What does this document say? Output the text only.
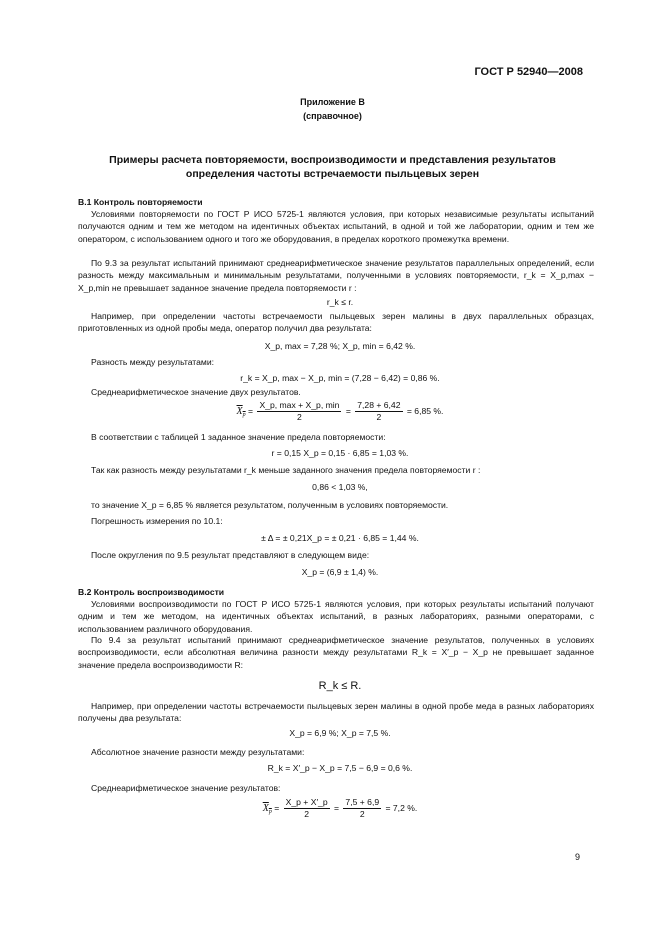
ГОСТ Р 52940—2008
Приложение В
(справочное)
Примеры расчета повторяемости, воспроизводимости и представления результатов
определения частоты встречаемости пыльцевых зерен
В.1 Контроль повторяемости
Условиями повторяемости по ГОСТ Р ИСО 5725-1 являются условия, при которых независимые результаты испытаний получаются одним и тем же методом на идентичных объектах испытаний, в одной и той же лаборатории, одним и тем же оператором, с использованием одного и того же оборудования, в пределах короткого промежутка времени.
По 9.3 за результат испытаний принимают среднеарифметическое значение результатов параллельных определений, если разность между максимальным и минимальным результатами, полученными в условиях повторяемости, r_k = X_p,max − X_p,min не превышает заданное значение предела повторяемости r :
r_k ≤ r.
Например, при определении частоты встречаемости пыльцевых зерен малины в двух параллельных образцах, приготовленных из одной пробы меда, оператор получил два результата:
X_p, max = 7,28 %; X_p, min = 6,42 %.
Разность между результатами:
r_k = X_p, max − X_p, min = (7,28 − 6,42) = 0,86 %.
Среднеарифметическое значение двух результатов.
$X_p = \frac{X\_p, \max + X\_p, \min}{2} = \frac{7,28 + 6,42}{2} = 6,85$ %.
В соответствии с таблицей 1 заданное значение предела повторяемости:
r = 0,15 X_p = 0,15 · 6,85 = 1,03 %.
Так как разность между результатами r_k меньше заданного значения предела повторяемости r :
0,86 < 1,03 %,
то значение X_p = 6,85 % является результатом, полученным в условиях повторяемости.
Погрешность измерения по 10.1:
± Δ = ± 0,21X_p = ± 0,21 · 6,85 = 1,44 %.
После округления по 9.5 результат представляют в следующем виде:
X_p = (6,9 ± 1,4) %.
В.2 Контроль воспроизводимости
Условиями воспроизводимости по ГОСТ Р ИСО 5725-1 являются условия, при которых результаты испытаний получают одним и тем же методом, на идентичных объектах испытаний, в разных лабораториях, разными операторами, с использованием различного оборудования.
По 9.4 за результат испытаний принимают среднеарифметическое значение результатов, полученных в условиях воспроизводимости, если абсолютная величина разности между результатами R_k = X′_p − X_p не превышает заданное значение предела воспроизводимости R:
R_k ≤ R.
Например, при определении частоты встречаемости пыльцевых зерен малины в одной пробе меда в разных лабораториях получены два результата:
X_p = 6,9 %; X_p = 7,5 %.
Абсолютное значение разности между результатами:
R_k = X′_p − X_p = 7,5 − 6,9 = 0,6 %.
Среднеарифметическое значение результатов:
$X_p = \frac{X\_p + X'\_p}{2} = \frac{7,5 + 6,9}{2} = 7,2$ %.
9
